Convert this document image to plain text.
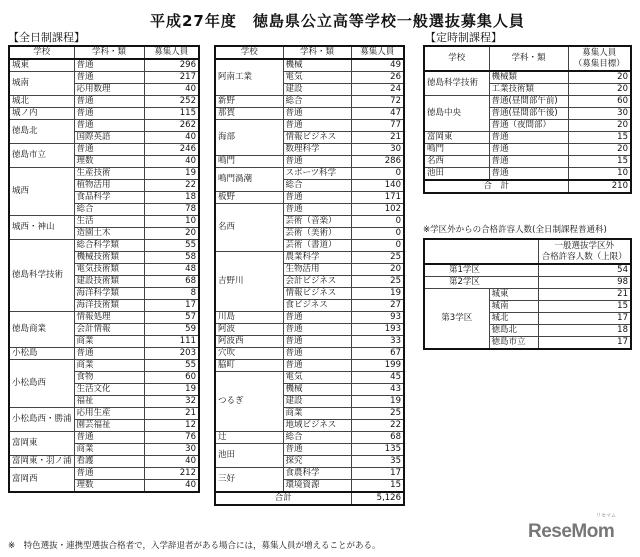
平成27年度　徳島県公立高等学校一般選抜募集人員
【全日制課程】	【定時制課程】
※学区外からの合格許容人数(全日制課程普通科)
学校	学科・類	募集人員
城東	普通	296
城南	普通	217
	応用数理	40
城北	普通	252
城ノ内	普通	115
徳島北	普通	262
	国際英語	40
徳島市立	普通	246
	理数	40
城西	生産技術	19
	植物活用	22
	食品科学	18
	総合	78
城西・神山	生活	10
	造園土木	20
徳島科学技術	総合科学類	55
	機械技術類	58
	電気技術類	48
	建設技術類	68
	海洋科学類	8
	海洋技術類	17
徳島商業	情報処理	57
	会計情報	59
	商業	111
小松島	普通	203
小松島西	商業	55
	食物	60
	生活文化	19
	福祉	32
小松島西・勝浦	応用生産	21
	園芸福祉	12
富岡東	普通	76
	商業	30
富岡東・羽ノ浦	看護	40
富岡西	普通	212
	理数	40
学校	学科・類	募集人員
阿南工業	機械	49
	電気	26
	建設	24
新野	総合	72
那賀	普通	47
海部	普通	77
	情報ビジネス	21
	数理科学	30
鳴門	普通	286
鳴門渦潮	スポーツ科学	0
	総合	140
板野	普通	171
名西	普通	102
	芸術（音楽）	0
	芸術（美術）	0
	芸術（書道）	0
吉野川	農業科学	25
	生物活用	20
	会計ビジネス	25
	情報ビジネス	19
	食ビジネス	27
川島	普通	93
阿波	普通	193
阿波西	普通	33
穴吹	普通	67
脇町	普通	199
つるぎ	電気	45
	機械	43
	建設	19
	商業	25
	地域ビジネス	22
辻	総合	68
池田	普通	135
	探究	35
三好	食農科学	17
	環境資源	15
合計		5,126
学校	学科・類	募集人員
（募集目標）
徳島科学技術	機械類	20
	工業技術類	20
徳島中央	普通(昼間部午前)	60
	普通(昼間部午後)	30
	普通（夜間部）	20
富岡東	普通	15
鳴門	普通	20
名西	普通	15
池田	普通	10
合　計		210
		一般選抜学区外
合格許容人数（上限）
第1学区		54
第2学区		98
第3学区	城東	21
	城南	15
	城北	17
	徳島北	18
	徳島市立	17
※　特色選抜・連携型選抜合格者で，入学辞退者がある場合には，募集人員が増えることがある。
ReseMom
リセマム
